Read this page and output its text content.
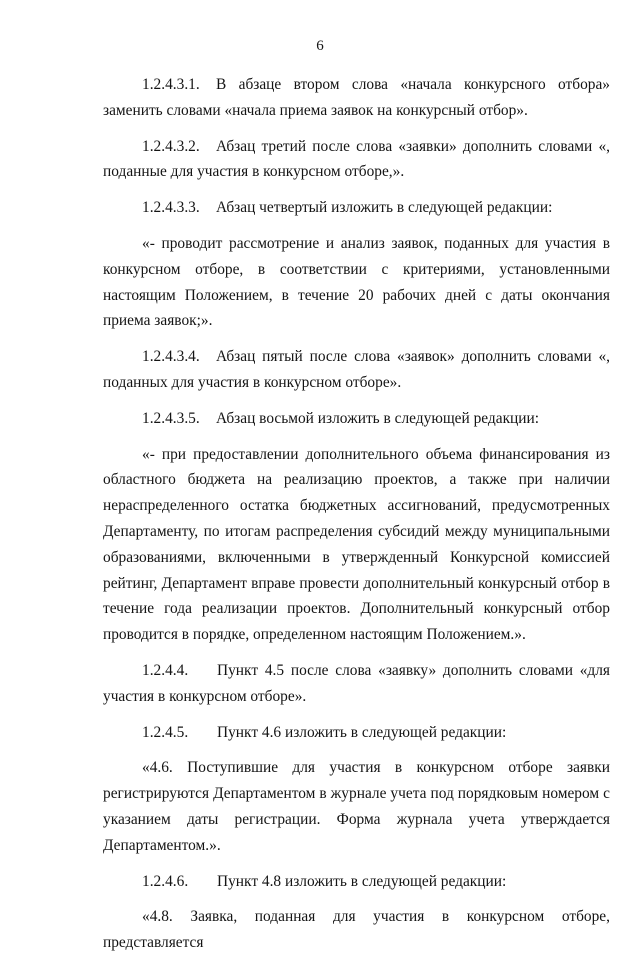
6

1.2.4.3.1. В абзаце втором слова «начала конкурсного отбора» заменить словами «начала приема заявок на конкурсный отбор».

1.2.4.3.2. Абзац третий после слова «заявки» дополнить словами «, поданные для участия в конкурсном отборе,».

1.2.4.3.3. Абзац четвертый изложить в следующей редакции:

«- проводит рассмотрение и анализ заявок, поданных для участия в конкурсном отборе, в соответствии с критериями, установленными настоящим Положением, в течение 20 рабочих дней с даты окончания приема заявок;».

1.2.4.3.4. Абзац пятый после слова «заявок» дополнить словами «, поданных для участия в конкурсном отборе».

1.2.4.3.5. Абзац восьмой изложить в следующей редакции:

«- при предоставлении дополнительного объема финансирования из областного бюджета на реализацию проектов, а также при наличии нераспределенного остатка бюджетных ассигнований, предусмотренных Департаменту, по итогам распределения субсидий между муниципальными образованиями, включенными в утвержденный Конкурсной комиссией рейтинг, Департамент вправе провести дополнительный конкурсный отбор в течение года реализации проектов. Дополнительный конкурсный отбор проводится в порядке, определенном настоящим Положением.».

1.2.4.4. Пункт 4.5 после слова «заявку» дополнить словами «для участия в конкурсном отборе».

1.2.4.5. Пункт 4.6 изложить в следующей редакции:

«4.6. Поступившие для участия в конкурсном отборе заявки регистрируются Департаментом в журнале учета под порядковым номером с указанием даты регистрации. Форма журнала учета утверждается Департаментом.».

1.2.4.6. Пункт 4.8 изложить в следующей редакции:

«4.8. Заявка, поданная для участия в конкурсном отборе, представляется
